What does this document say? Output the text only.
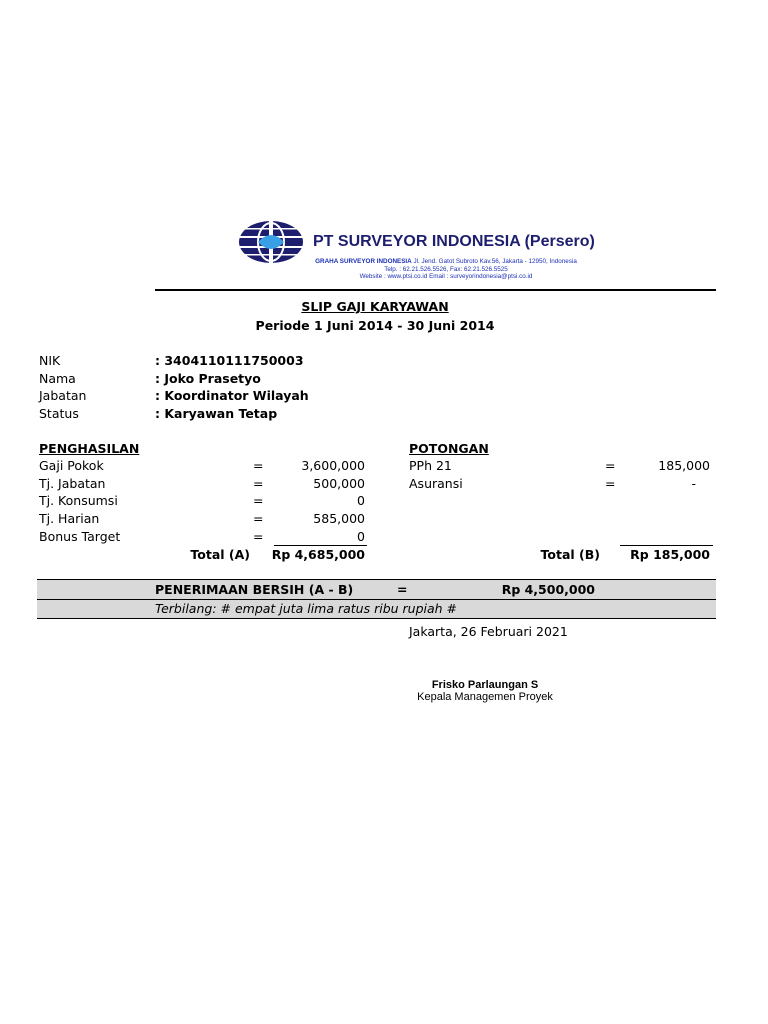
PT SURVEYOR INDONESIA (Persero)
GRAHA SURVEYOR INDONESIA Jl. Jend. Gatot Subroto Kav.56, Jakarta - 12950, Indonesia
Telp. : 62.21.526.5526, Fax: 62.21.526.5525
Website : www.ptsi.co.id Email : surveyorindonesia@ptsi.co.id
SLIP GAJI KARYAWAN
Periode 1 Juni 2014 - 30 Juni 2014
NIK	: 3404110111750003
Nama	: Joko Prasetyo
Jabatan	: Koordinator Wilayah
Status	: Karyawan Tetap
PENGHASILAN
Gaji Pokok	=	3,600,000
Tj. Jabatan	=	500,000
Tj. Konsumsi	=	0
Tj. Harian	=	585,000
Bonus Target	=	0
Total (A)	Rp 4,685,000
POTONGAN
PPh 21	=	185,000
Asuransi	=	-
Total (B)	Rp 185,000
PENERIMAAN BERSIH (A - B)	=	Rp 4,500,000
Terbilang: # empat juta lima ratus ribu rupiah #
Jakarta, 26 Februari 2021
Frisko Parlaungan S
Kepala Managemen Proyek
